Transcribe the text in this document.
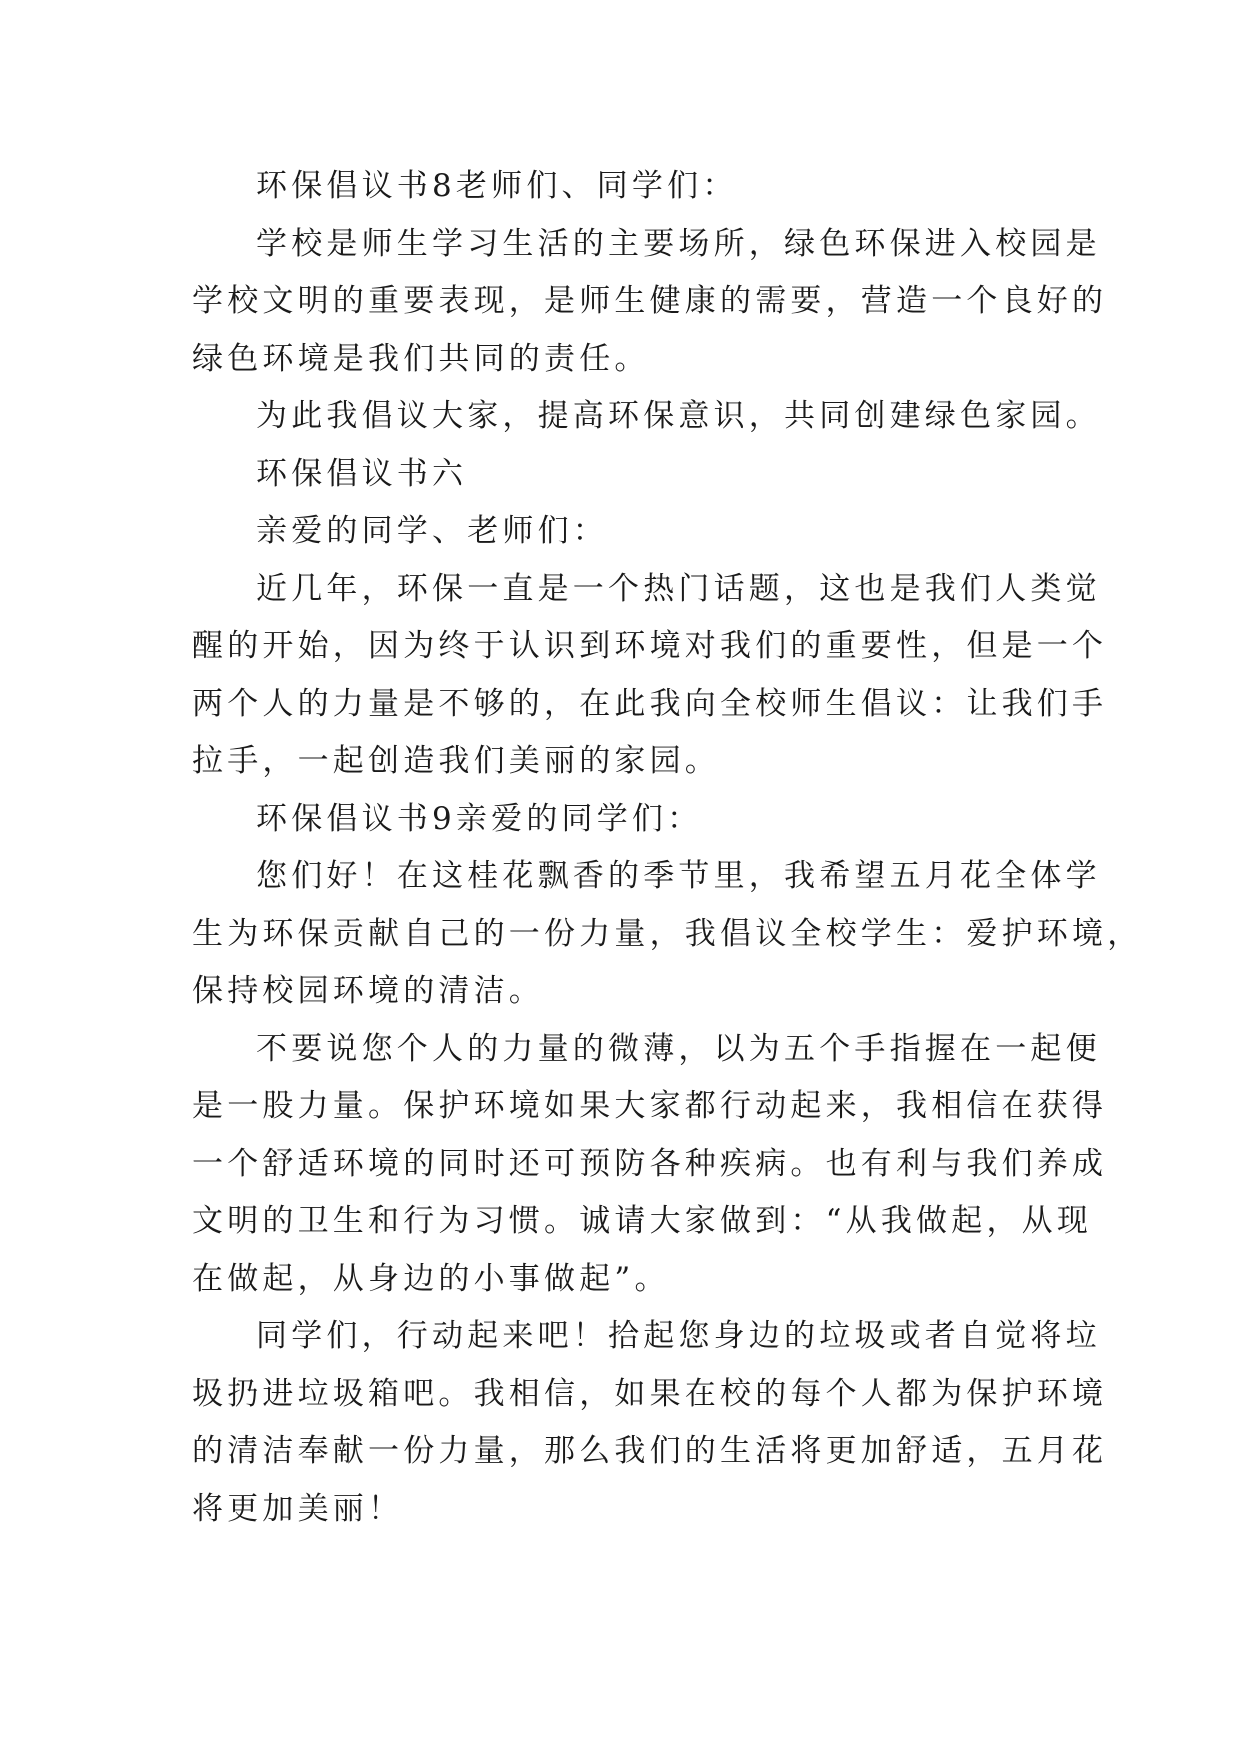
环保倡议书8老师们、同学们：
学校是师生学习生活的主要场所，绿色环保进入校园是
学校文明的重要表现，是师生健康的需要，营造一个良好的
绿色环境是我们共同的责任。
为此我倡议大家，提高环保意识，共同创建绿色家园。
环保倡议书六
亲爱的同学、老师们：
近几年，环保一直是一个热门话题，这也是我们人类觉
醒的开始，因为终于认识到环境对我们的重要性，但是一个
两个人的力量是不够的，在此我向全校师生倡议：让我们手
拉手，一起创造我们美丽的家园。
环保倡议书9亲爱的同学们：
您们好！在这桂花飘香的季节里，我希望五月花全体学
生为环保贡献自己的一份力量，我倡议全校学生：爱护环境，
保持校园环境的清洁。
不要说您个人的力量的微薄，以为五个手指握在一起便
是一股力量。保护环境如果大家都行动起来，我相信在获得
一个舒适环境的同时还可预防各种疾病。也有利与我们养成
文明的卫生和行为习惯。诚请大家做到：“从我做起，从现
在做起，从身边的小事做起”。
同学们，行动起来吧！拾起您身边的垃圾或者自觉将垃
圾扔进垃圾箱吧。我相信，如果在校的每个人都为保护环境
的清洁奉献一份力量，那么我们的生活将更加舒适，五月花
将更加美丽！
